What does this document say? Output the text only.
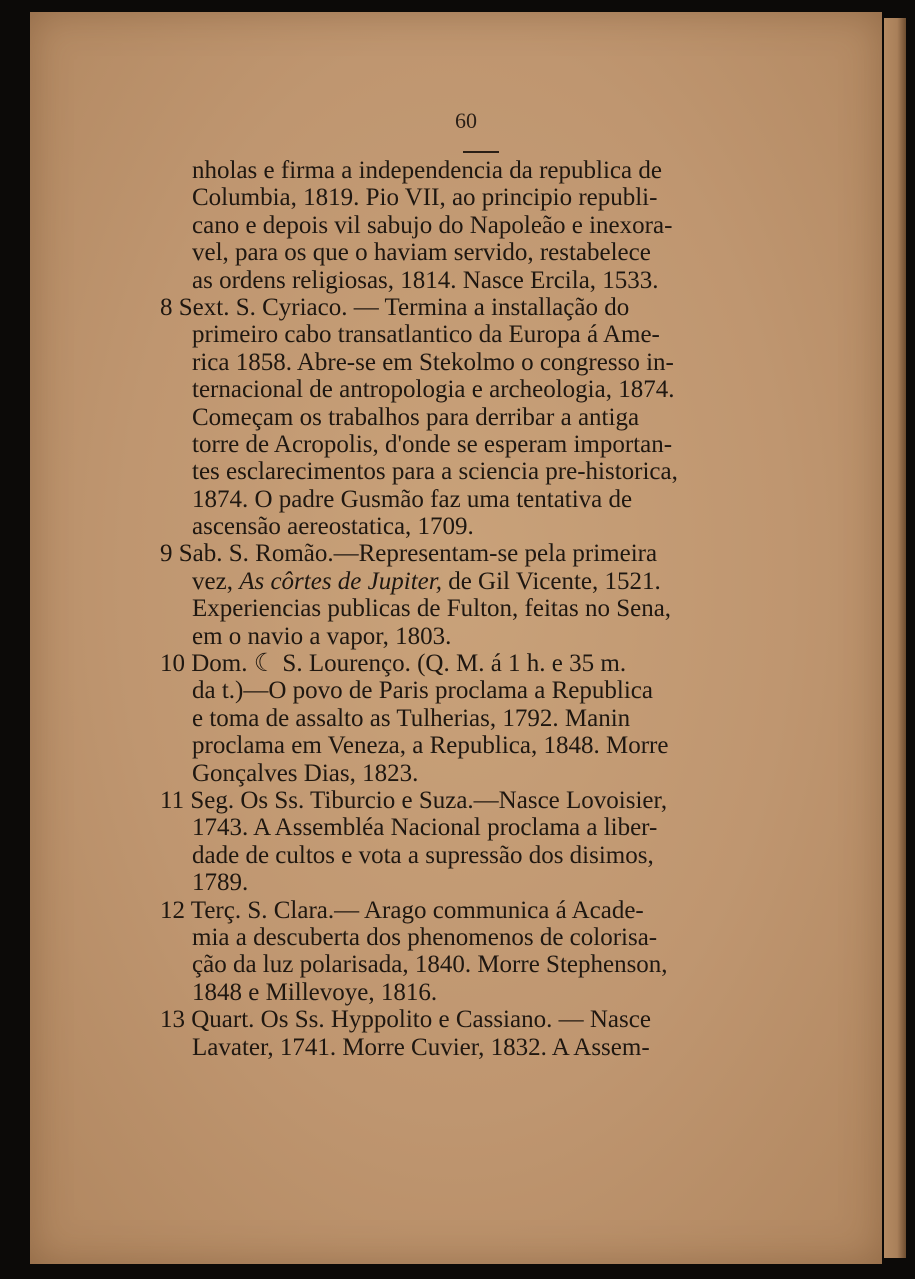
60
nholas e firma a independencia da republica de
Columbia, 1819. Pio VII, ao principio republi-
cano e depois vil sabujo do Napoleão e inexora-
vel, para os que o haviam servido, restabelece
as ordens religiosas, 1814. Nasce Ercila, 1533.
8 Sext. S. Cyriaco. — Termina a installação do
primeiro cabo transatlantico da Europa á Ame-
rica 1858. Abre-se em Stekolmo o congresso in-
ternacional de antropologia e archeologia, 1874.
Começam os trabalhos para derribar a antiga
torre de Acropolis, d'onde se esperam importan-
tes esclarecimentos para a sciencia pre-historica,
1874. O padre Gusmão faz uma tentativa de
ascensão aereostatica, 1709.
9 Sab. S. Romão.—Representam-se pela primeira
vez, As côrtes de Jupiter, de Gil Vicente, 1521.
Experiencias publicas de Fulton, feitas no Sena,
em o navio a vapor, 1803.
10 Dom. ☾ S. Lourenço. (Q. M. á 1 h. e 35 m.
da t.)—O povo de Paris proclama a Republica
e toma de assalto as Tulherias, 1792. Manin
proclama em Veneza, a Republica, 1848. Morre
Gonçalves Dias, 1823.
11 Seg. Os Ss. Tiburcio e Suza.—Nasce Lovoisier,
1743. A Assembléa Nacional proclama a liber-
dade de cultos e vota a supressão dos disimos,
1789.
12 Terç. S. Clara.— Arago communica á Acade-
mia a descuberta dos phenomenos de colorisa-
ção da luz polarisada, 1840. Morre Stephenson,
1848 e Millevoye, 1816.
13 Quart. Os Ss. Hyppolito e Cassiano. — Nasce
Lavater, 1741. Morre Cuvier, 1832. A Assem-
